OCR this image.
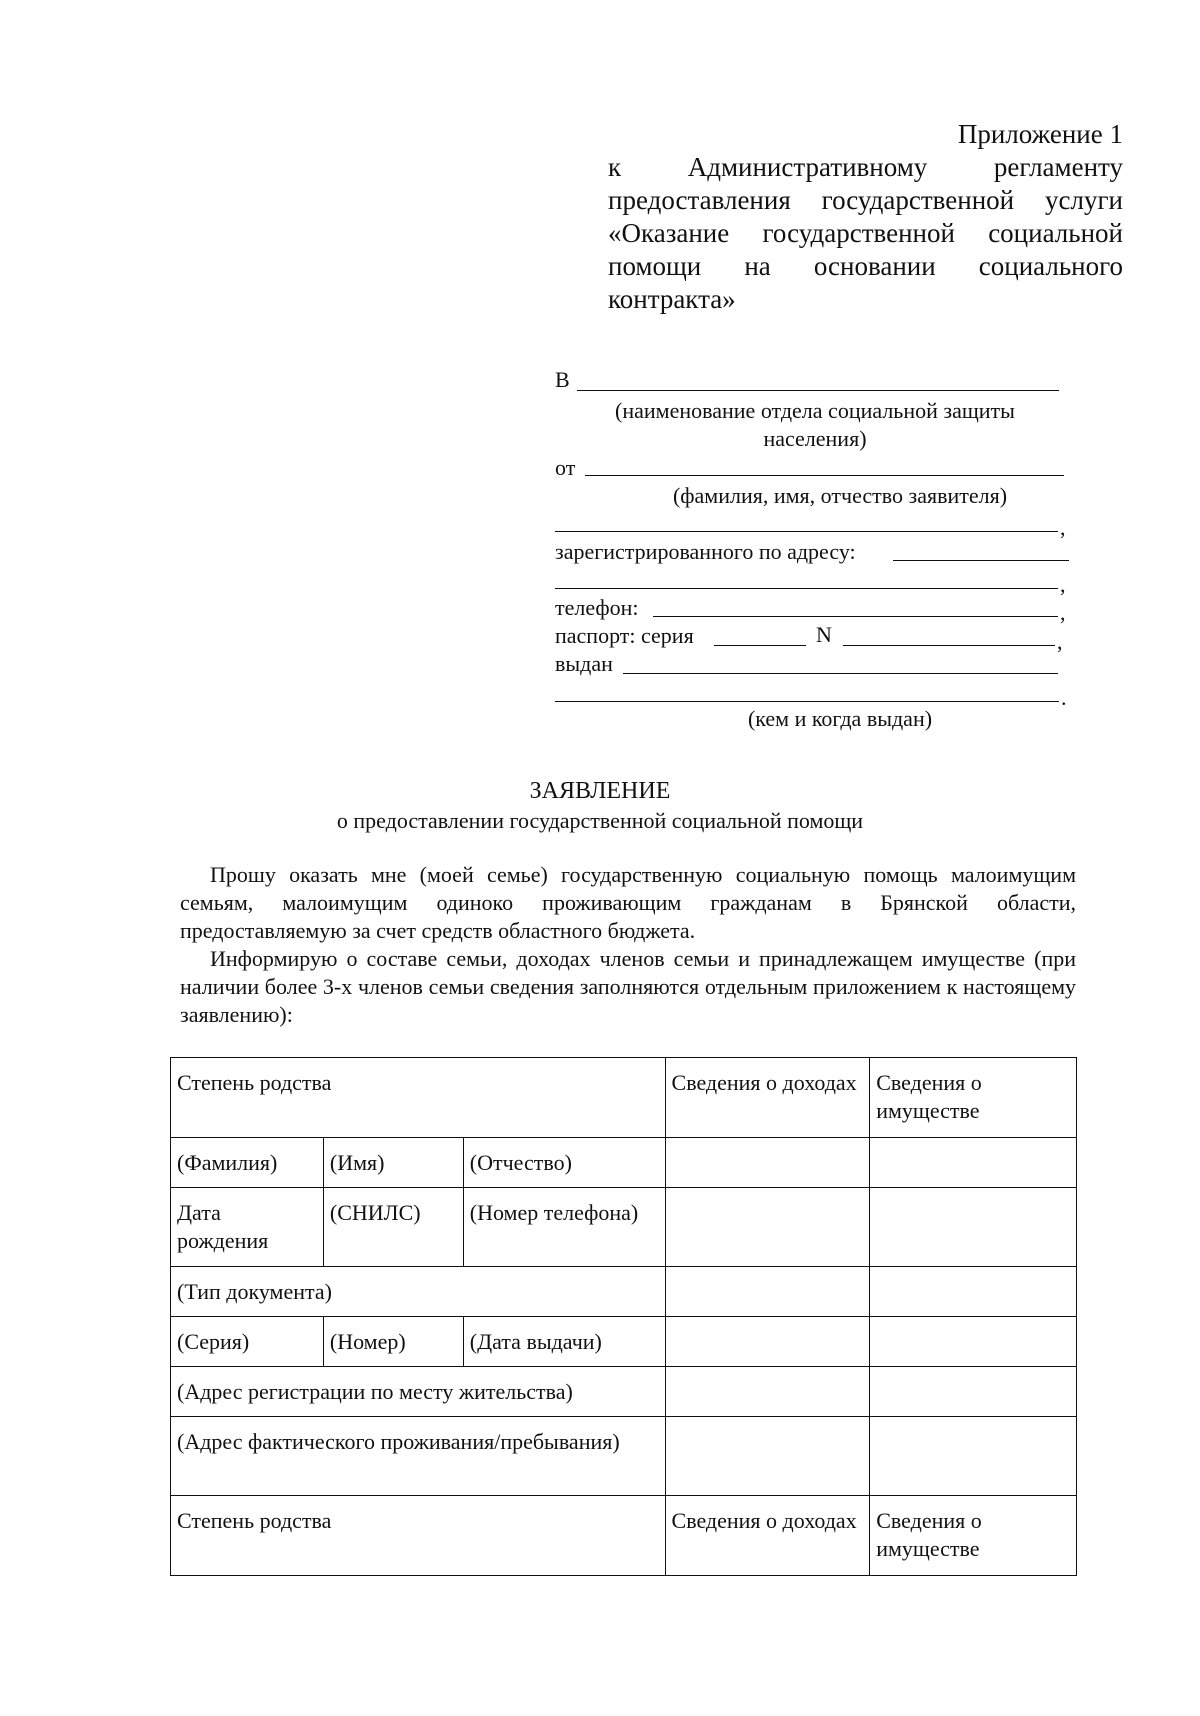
Приложение 1
к Административному регламенту
предоставления государственной услуги
«Оказание государственной социальной
помощи на основании социального
контракта»
В
(наименование отдела социальной защиты населения)
от
(фамилия, имя, отчество заявителя)
,
зарегистрированного по адресу:
,
телефон:	,
паспорт: серия	N	,
выдан
.
(кем и когда выдан)
ЗАЯВЛЕНИЕ
о предоставлении государственной социальной помощи

Прошу оказать мне (моей семье) государственную социальную помощь малоимущим семьям, малоимущим одиноко проживающим гражданам в Брянской области, предоставляемую за счет средств областного бюджета.

Информирую о составе семьи, доходах членов семьи и принадлежащем имуществе (при наличии более 3-х членов семьи сведения заполняются отдельным приложением к настоящему заявлению):

Степень родства			Сведения о доходах	Сведения о имуществе
(Фамилия)	(Имя)	(Отчество)		
Дата рождения	(СНИЛС)	(Номер телефона)		
(Тип документа)				
(Серия)	(Номер)	(Дата выдачи)		
(Адрес регистрации по месту жительства)				
(Адрес фактического проживания/пребывания)				
Степень родства			Сведения о доходах	Сведения о имуществе
